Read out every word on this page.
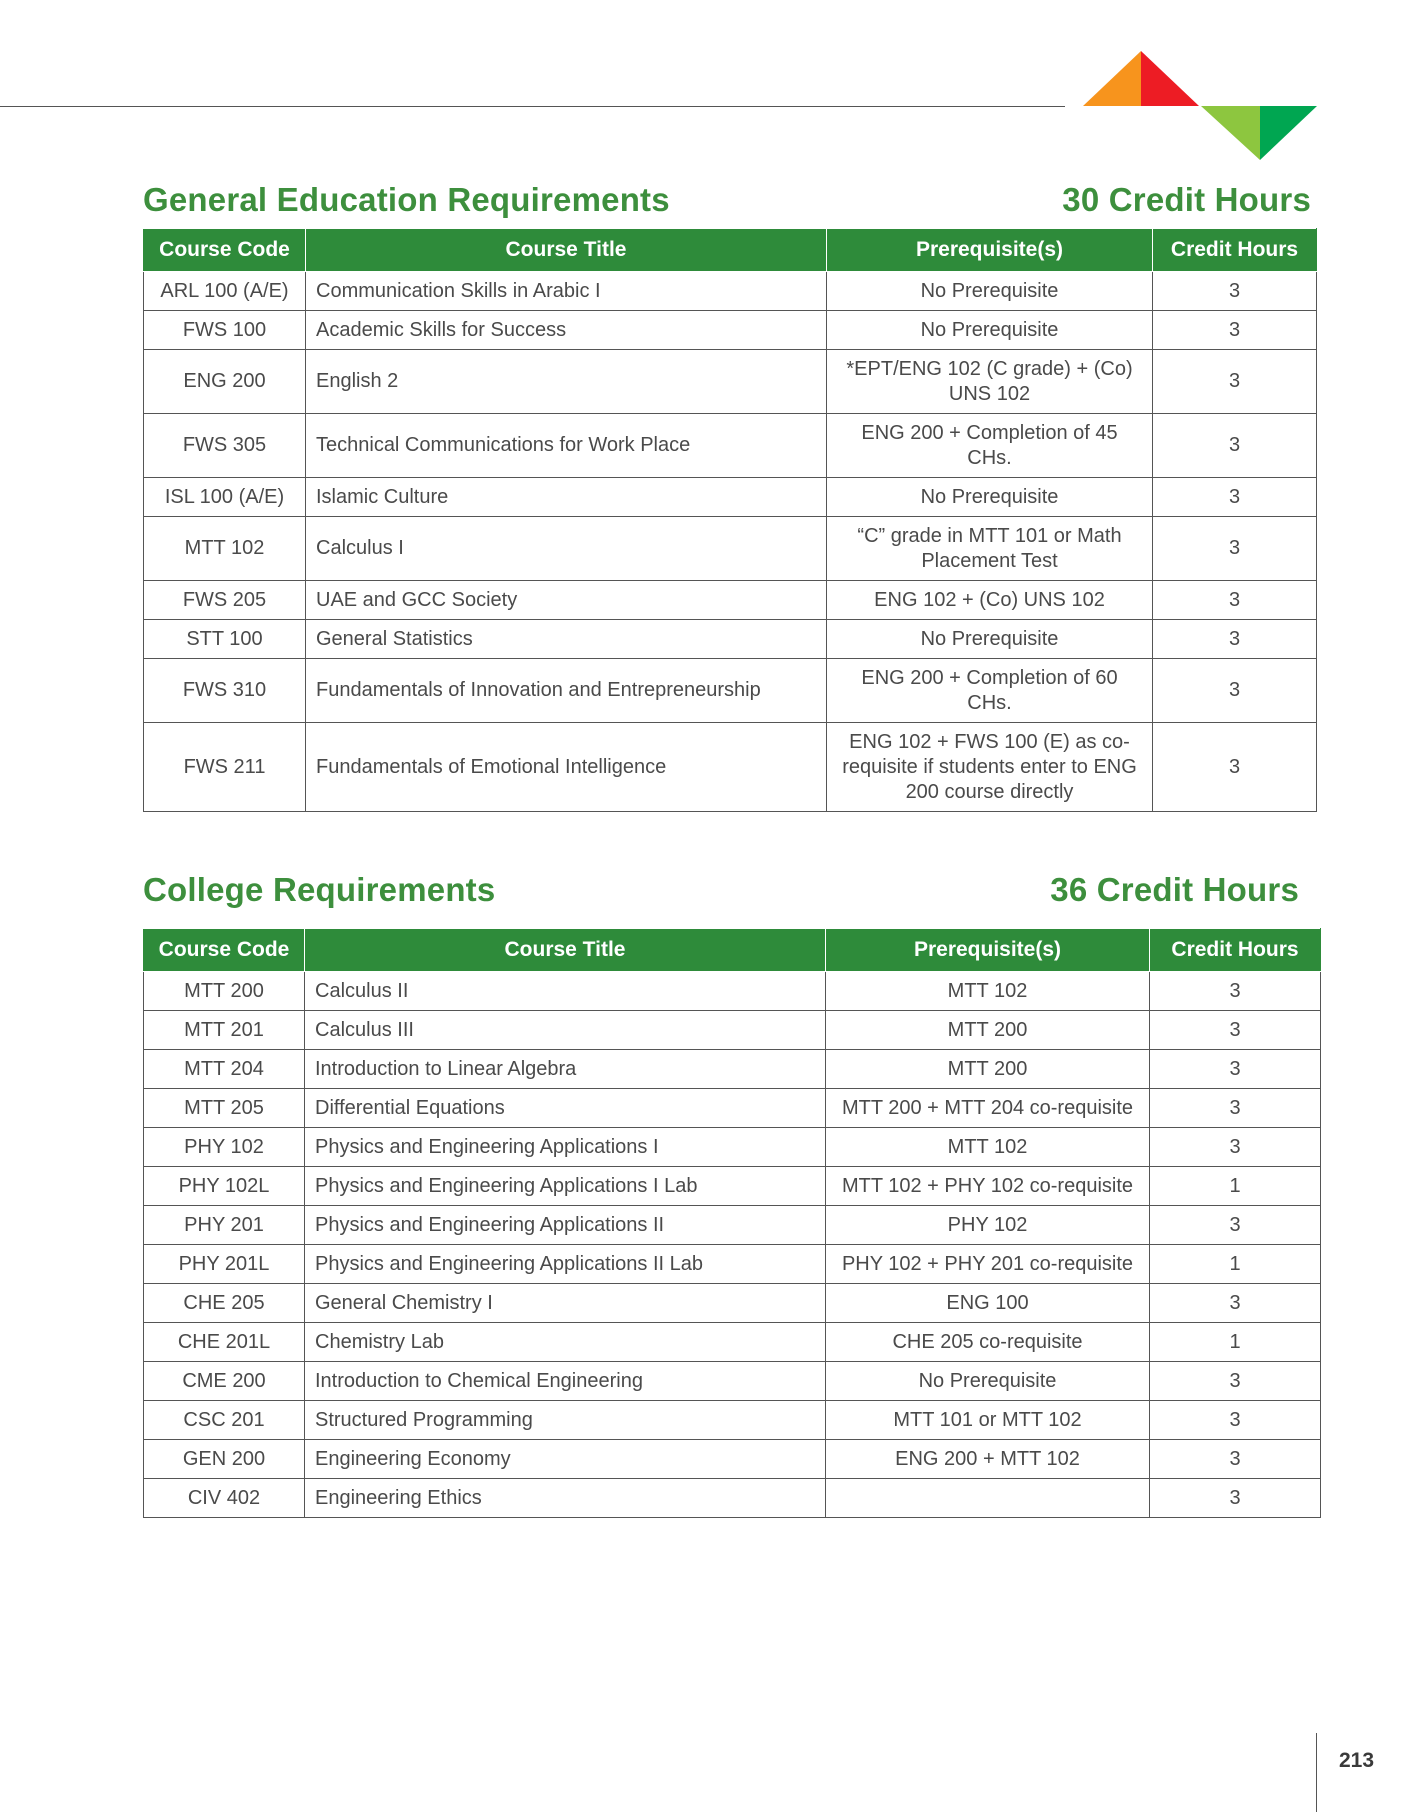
General Education Requirements	30 Credit Hours
Course Code	Course Title	Prerequisite(s)	Credit Hours
ARL 100 (A/E)	Communication Skills in Arabic I	No Prerequisite	3
FWS 100	Academic Skills for Success	No Prerequisite	3
ENG 200	English 2	*EPT/ENG 102 (C grade) + (Co) UNS 102	3
FWS 305	Technical Communications for Work Place	ENG 200 + Completion of 45 CHs.	3
ISL 100 (A/E)	Islamic Culture	No Prerequisite	3
MTT 102	Calculus I	“C” grade in MTT 101 or Math Placement Test	3
FWS 205	UAE and GCC Society	ENG 102 + (Co) UNS 102	3
STT 100	General Statistics	No Prerequisite	3
FWS 310	Fundamentals of Innovation and Entrepreneurship	ENG 200 + Completion of 60 CHs.	3
FWS 211	Fundamentals of Emotional Intelligence	ENG 102 + FWS 100 (E) as co-requisite if students enter to ENG 200 course directly	3
College Requirements	36 Credit Hours
Course Code	Course Title	Prerequisite(s)	Credit Hours
MTT 200	Calculus II	MTT 102	3
MTT 201	Calculus III	MTT 200	3
MTT 204	Introduction to Linear Algebra	MTT 200	3
MTT 205	Differential Equations	MTT 200 + MTT 204 co-requisite	3
PHY 102	Physics and Engineering Applications I	MTT 102	3
PHY 102L	Physics and Engineering Applications I Lab	MTT 102 + PHY 102 co-requisite	1
PHY 201	Physics and Engineering Applications II	PHY 102	3
PHY 201L	Physics and Engineering Applications II Lab	PHY 102 + PHY 201 co-requisite	1
CHE 205	General Chemistry I	ENG 100	3
CHE 201L	Chemistry Lab	CHE 205 co-requisite	1
CME 200	Introduction to Chemical Engineering	No Prerequisite	3
CSC 201	Structured Programming	MTT 101 or MTT 102	3
GEN 200	Engineering Economy	ENG 200 + MTT 102	3
CIV 402	Engineering Ethics		3
213
